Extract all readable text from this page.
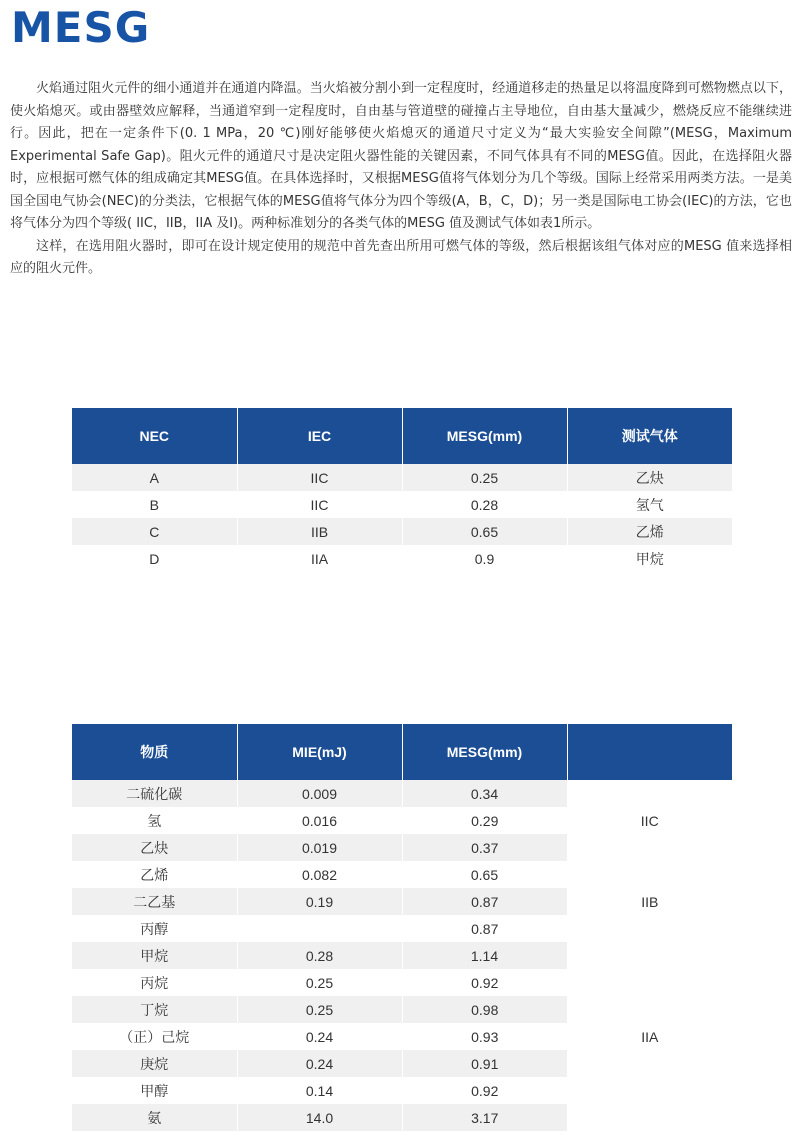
MESG

火焰通过阻火元件的细小通道并在通道内降温。当火焰被分割小到一定程度时，经通道移走的热量足以将温度降到可燃物燃点以下，使火焰熄灭。或由器壁效应解释，当通道窄到一定程度时，自由基与管道壁的碰撞占主导地位，自由基大量减少，燃烧反应不能继续进行。因此，把在一定条件下(0. 1 MPa，20 ℃)刚好能够使火焰熄灭的通道尺寸定义为“最大实验安全间隙”(MESG，Maximum Experimental Safe Gap)。阻火元件的通道尺寸是决定阻火器性能的关键因素，不同气体具有不同的MESG值。因此，在选择阻火器时，应根据可燃气体的组成确定其MESG值。在具体选择时，又根据MESG值将气体划分为几个等级。国际上经常采用两类方法。一是美国全国电气协会(NEC)的分类法，它根据气体的MESG值将气体分为四个等级(A，B，C，D)；另一类是国际电工协会(IEC)的方法，它也将气体分为四个等级( IIC，IIB，IIA 及I)。两种标准划分的各类气体的MESG 值及测试气体如表1所示。

这样，在选用阻火器时，即可在设计规定使用的规范中首先查出所用可燃气体的等级，然后根据该组气体对应的MESG 值来选择相应的阻火元件。

NEC	IEC	MESG(mm)	测试气体
A	IIC	0.25	乙炔
B	IIC	0.28	氢气
C	IIB	0.65	乙烯
D	IIA	0.9	甲烷
物质	MIE(mJ)	MESG(mm)	
二硫化碳	0.009	0.34	IIC
氢	0.016	0.29	
乙炔	0.019	0.37	
乙烯	0.082	0.65	IIB
二乙基	0.19	0.87	
丙醇		0.87	
甲烷	0.28	1.14	IIA
丙烷	0.25	0.92	
丁烷	0.25	0.98	
（正）己烷	0.24	0.93	
庚烷	0.24	0.91	
甲醇	0.14	0.92	
氨	14.0	3.17	
